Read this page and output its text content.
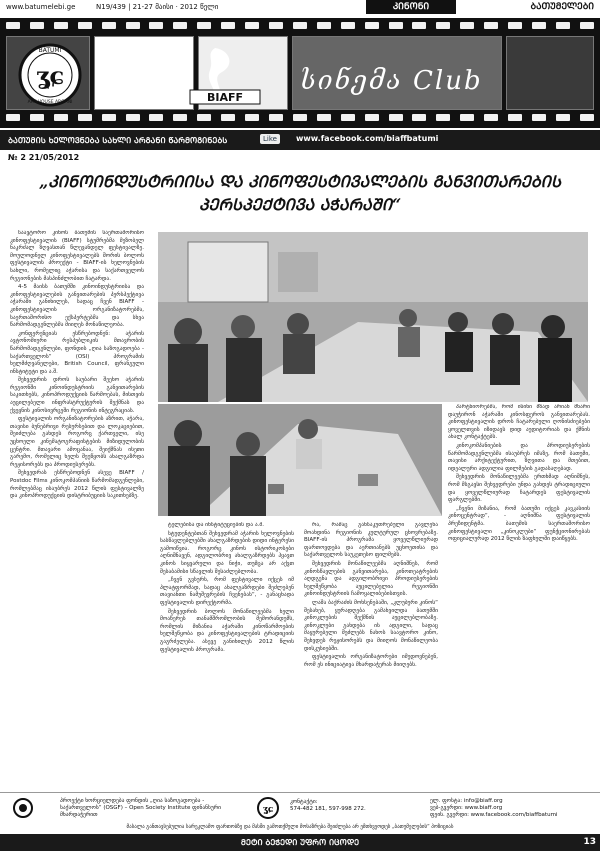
www.batumelebi.ge	N19/439 | 21-27 მაისი · 2012 წელი	ᲙᲘᲜᲝᲜᲘ	ᲑᲐᲗᲣᲛᲔᲚᲔᲑᲘ
ʓɕ
BATUMI
ART HOUSE ARGANI	BIAFF
სინემა Club
ᲑᲐᲗᲣᲛᲘᲡ ᲮᲔᲚᲝᲕᲜᲔᲑᲐ ᲡᲐᲮᲚᲘ ᲐᲠᲒᲐᲜᲘ ᲬᲐᲠᲛᲝᲒᲘᲜᲔᲑᲡ	Like	www.facebook.com/biaffbatumi
№ 2 21/05/2012
„ᲙᲘᲜᲝᲘᲜᲓᲣᲡᲢᲠᲘᲘᲡᲐ ᲓᲐ ᲙᲘᲜᲝᲤᲔᲡᲢᲘᲕᲐᲚᲔᲑᲘᲡ ᲒᲐᲜᲕᲘᲗᲐᲠᲔᲑᲘᲡ ᲞᲔᲠᲡᲞᲔᲥᲢᲘᲕᲐ ᲐᲭᲐᲠᲐᲨᲘ“

საავტორო კინოს ბათუმის საერთაშორისო კინოფესტივალის (BIAFF) სტუმრებმა მეზობელ ნაკრძალ ზღვასთან წლევანდელ ფესტივალზე. მოულოდნელ კინოფესტივალებს შორის ბოლოს ფესტივალის პროექტი - BIAFF-ის ხელოვნების სახლი, რომელიც აჭარისა და საქართველოს რეგიონების მასპინძლობით ჩატარდა.

4-5 მაისს ბათუმში კინოინდუსტრიისა და კინოფესტივალების განვითარების პერსპექტივა აჭარაში განიხილეს, სადაც ჩვენ BIAFF - კინოფესტივალის ორგანიზატორებმა, საერთაშორისო ექსპერტებმა და სხვა წარმომადგენლებმა მიიღეს მონაწილეობა.

კონფერენციას ესწრებოდნენ: აჭარის ავტონომიური რესპუბლიკის მთავრობის წარმომადგენლები, ფონდის „ღია საზოგადოება - საქართველოს“ (OSI) პროგრამის ხელმძღვანელები, British Council, ფრანგული ინსტიტუტი და ა.შ.

შეხვედრის დროს საუბარი შეეხო აჭარის რეგიონში კინოინდუსტრიის განვითარების საკითხებს, კინოპროდუქციის წარმოებას, მისთვის აუცილებელი ინფრასტრუქტურის შექმნას და ქვეყნის კინოსივრცეში რეგიონის ინტეგრაციას.

ფესტივალის ორგანიზატორების აზრით, აჭარა, თავისი ბუნებრივი რესურსებით და ლოკაციებით, შეიძლება გახდეს როგორც ქართველი, ისე უცხოელი კინემატოგრაფისტების მიზიდულობის ცენტრი. მთავარი ამოცანაა, შეიქმნას ისეთი გარემო, რომელიც ხელს შეუწყობს ახალგაზრდა რეჟისორებს და პროდიუსერებს.

შეხვედრას ესწრებოდნენ ასევე BIAFF / Postdoc Films კინოკომპანიის წარმომადგენლები, რომლებმაც ისაუბრეს 2012 წლის ფესტივალზე და კინოპროდუქციის დისტრიბუციის საკითხებზე.

ტელებისა და ინსტიტუციების და ა.შ.

სტუდენტებთან შეხვედრამ აჭარის ხელოვნების სასწავლებლებში ახალგაზრდების დიდი ინტერესი გამოიწვია. როგორც კინოს ისტორიკოსები აღნიშნავენ, ადგილობრივ ახალგაზრდებს ჰყავთ კინოს სიყვარული და ნიჭი, თუმცა არ აქვთ შესაბამისი სწავლის შესაძლებლობა.

„ჩვენ გვსურს, რომ ფესტივალი იქცეს იმ პლატფორმად, სადაც ახალგაზრდები შეძლებენ თავიანთი ნამუშევრების ჩვენებას“, - განაცხადა ფესტივალის დირექტორმა.

შეხვედრის ბოლოს მონაწილეებმა ხელი მოაწერეს თანამშრომლობის მემორანდუმს, რომლის მიზანია აჭარაში კინოწარმოების ხელშეწყობა და კინოფესტივალების ტრადიციის გაგრძელება. ასევე განიხილეს 2012 წლის ფესტივალის პროგრამა.

რა, რამაც განსაკუთრებული გავლენა მოახდინა რეგიონის კულტურულ ცხოვრებაზე. BIAFF-ის პროგრამა ყოველწლიურად ფართოვდება და აერთიანებს უცხოეთისა და საქართველოს საუკეთესო ფილმებს.

შეხვედრის მონაწილეებმა აღნიშნეს, რომ კინოსწავლების განვითარება, კინოთეატრების აღდგენა და ადგილობრივი პროდიუსერების ხელშეწყობა აუცილებელია რეგიონში კინოინდუსტრიის ჩამოყალიბებისთვის.

ლაშა ბაქრაძის მოხსენებაში, „კლუბური კინოს“ შესახებ, ყურადღება გამახვილდა ბათუმში კინოკლუბის შექმნის აუცილებლობაზე. კინოკლუბი გახდება ის ადგილი, სადაც მაყურებელი შეძლებს ნახოს საავტორო კინო, შეხვდეს რეჟისორებს და მიიღოს მონაწილეობა დისკუსიებში.

ფესტივალის ორგანიზატორები იმედოვნებენ, რომ ეს ინიციატივა მხარდაჭერას მიიღებს.

პარტნიორებმა, რომ ისინი მზად არიან მხარი დაუჭირონ აჭარაში კინოსფეროს განვითარებას. კინოფესტივალის დროს ჩატარებული ღონისძიებები ყოველთვის იზიდავს დიდ აუდიტორიას და ქმნის ახალ კონტაქტებს.

კინოკომპანიების და პროდიუსერების წარმომადგენლებმა ისაუბრეს იმაზე, რომ ბათუმი, თავისი არქიტექტურით, ზღვითა და მთებით, იდეალური ადგილია ფილმების გადასაღებად.

შეხვედრის მონაწილეებმა ერთხმად აღნიშნეს, რომ მსგავსი შეხვედრები უნდა გახდეს ტრადიციული და ყოველწლიურად ჩატარდეს ფესტივალის ფარგლებში.

„ჩვენი მიზანია, რომ ბათუმი იქცეს კავკასიის კინოცენტრად“, - აღნიშნა ფესტივალის პრეზიდენტმა. ბათუმის საერთაშორისო კინოფესტივალი „კინოკლუბი“ ფუნქციონირებას ოფიციალურად 2012 წლის ზაფხულში დაიწყებს.

პროექტი ხორციელდება ფონდის „ღია საზოგადოება - საქართველოს“ (OSGF) – Open Society Institute ფინანსური მხარდაჭერით	ʓɕ
კონტაქტი:
574-482 181, 597-998 272.
ელ. ფოსტა: info@biaff.org
ვებ-გვერდი: www.biaff.org
ფეის. გვერდი: www.facebook.com/biaffbatumi
მასალა განთავსებულია სარეკლამო ფართობზე და მასში გამოთქმული მოსაზრება შეიძლება არ ემთხვეოდეს „ბათუმელების“ პოზიციას
ᲛᲔᲢᲘ ᲑᲔᲭᲔᲓᲘ ᲣᲤᲠᲝ ᲘᲪᲝᲓᲔ	13
